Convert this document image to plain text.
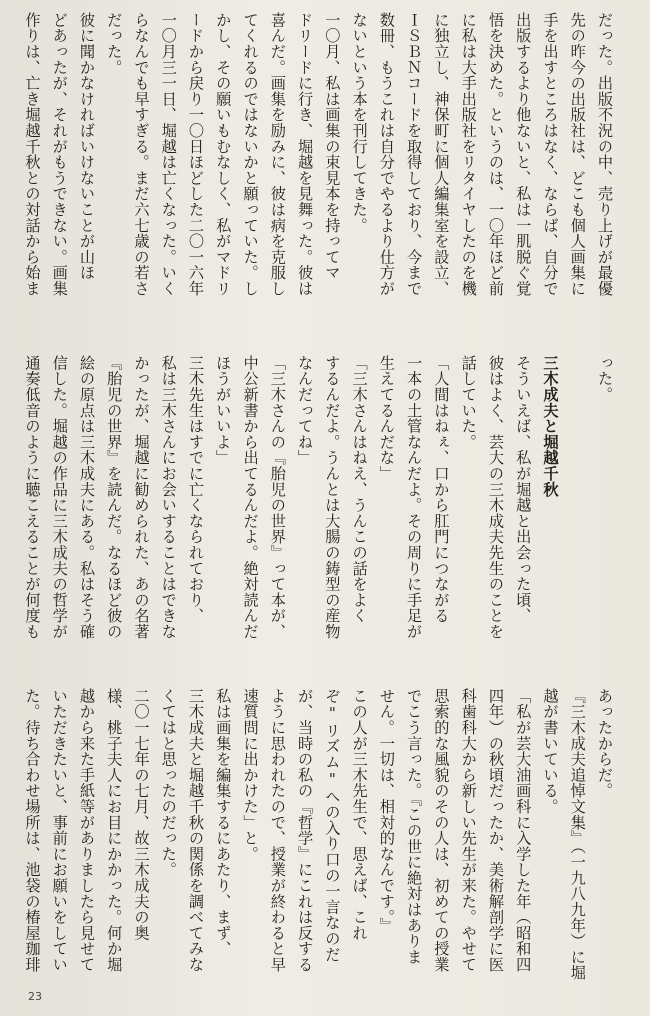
だった。出版不況の中、売り上げが最優
先の昨今の出版社は、どこも個人画集に
手を出すところはなく、ならば、自分で
出版するより他ないと、私は一肌脱ぐ覚
悟を決めた。というのは、一〇年ほど前
に私は大手出版社をリタイヤしたのを機
に独立し、神保町に個人編集室を設立、
ＩＳＢＮコードを取得しており、今まで
数冊、もうこれは自分でやるより仕方が
ないという本を刊行してきた。
一〇月、私は画集の束見本を持ってマ
ドリードに行き、堀越を見舞った。彼は
喜んだ。画集を励みに、彼は病を克服し
てくれるのではないかと願っていた。し
かし、その願いもむなしく、私がマドリ
ードから戻り一〇日ほどした二〇一六年
一〇月三一日、堀越は亡くなった。いく
らなんでも早すぎる。まだ六七歳の若さ
だった。
彼に聞かなければいけないことが山ほ
どあったが、それがもうできない。画集
作りは、亡き堀越千秋との対話から始ま
った。
三木成夫と堀越千秋
そういえば、私が堀越と出会った頃、
彼はよく、芸大の三木成夫先生のことを
話していた。
「人間はねぇ、口から肛門につながる
一本の土管なんだよ。その周りに手足が
生えてるんだな」
「三木さんはねえ、うんこの話をよく
するんだよ。うんとは大腸の鋳型の産物
なんだってね」
「三木さんの『胎児の世界』って本が、
中公新書から出てるんだよ。絶対読んだ
ほうがいいよ」
三木先生はすでに亡くなられており、
私は三木さんにお会いすることはできな
かったが、堀越に勧められた、あの名著
『胎児の世界』を読んだ。なるほど彼の
絵の原点は三木成夫にある。私はそう確
信した。堀越の作品に三木成夫の哲学が
通奏低音のように聴こえることが何度も
あったからだ。
『三木成夫追悼文集』（一九八九年）に堀
越が書いている。
「私が芸大油画科に入学した年（昭和四
四年）の秋頃だったか、美術解剖学に医
科歯科大から新しい先生が来た。やせて
思索的な風貌のその人は、初めての授業
でこう言った。『この世に絶対はありま
せん。一切は、相対的なんです。』
この人が三木先生で、思えば、これ
ぞ"リズム"への入り口の一言なのだ
が、当時の私の『哲学』にこれは反する
ように思われたので、授業が終わると早
速質問に出かけた」と。
私は画集を編集するにあたり、まず、
三木成夫と堀越千秋の関係を調べてみな
くてはと思ったのだった。
二〇一七年の七月、故三木成夫の奥
様、桃子夫人にお目にかかった。何か堀
越から来た手紙等がありましたら見せて
いただきたいと、事前にお願いをしてい
た。待ち合わせ場所は、池袋の椿屋珈琲
23
